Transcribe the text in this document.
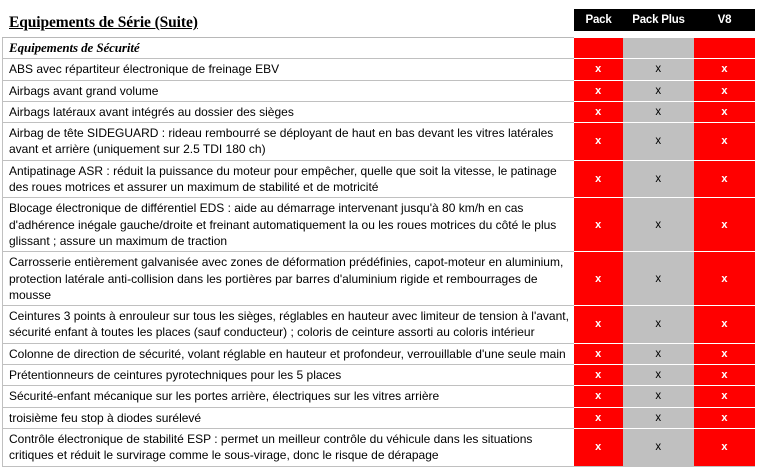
Equipements de Série (Suite)	Pack	Pack Plus	V8
Equipements de Sécurité			
ABS avec répartiteur électronique de freinage EBV	x	x	x
Airbags avant grand volume	x	x	x
Airbags latéraux avant intégrés au dossier des sièges	x	x	x
Airbag de tête SIDEGUARD : rideau rembourré se déployant de haut en bas devant les vitres latérales avant et arrière (uniquement sur 2.5 TDI 180 ch)	x	x	x
Antipatinage ASR : réduit la puissance du moteur pour empêcher, quelle que soit la vitesse, le patinage des roues motrices et assurer un maximum de stabilité et de motricité	x	x	x
Blocage électronique de différentiel EDS : aide au démarrage intervenant jusqu'à 80 km/h en cas d'adhérence inégale gauche/droite et freinant automatiquement la ou les roues motrices du côté le plus glissant ; assure un maximum de traction	x	x	x
Carrosserie entièrement galvanisée avec zones de déformation prédéfinies, capot-moteur en aluminium, protection latérale anti-collision dans les portières par barres d'aluminium rigide et rembourrages de mousse	x	x	x
Ceintures 3 points à enrouleur sur tous les sièges, réglables en hauteur avec limiteur de tension à l'avant, sécurité enfant à toutes les places (sauf conducteur) ; coloris de ceinture assorti au coloris intérieur	x	x	x
Colonne de direction de sécurité, volant réglable en hauteur et profondeur, verrouillable d'une seule main	x	x	x
Prétentionneurs de ceintures pyrotechniques pour les 5 places	x	x	x
Sécurité-enfant mécanique sur les portes arrière, électriques sur les vitres arrière	x	x	x
troisième feu stop à diodes surélevé	x	x	x
Contrôle électronique de stabilité ESP : permet un meilleur contrôle du véhicule dans les situations critiques et réduit le survirage comme le sous-virage, donc le risque de dérapage	x	x	x
